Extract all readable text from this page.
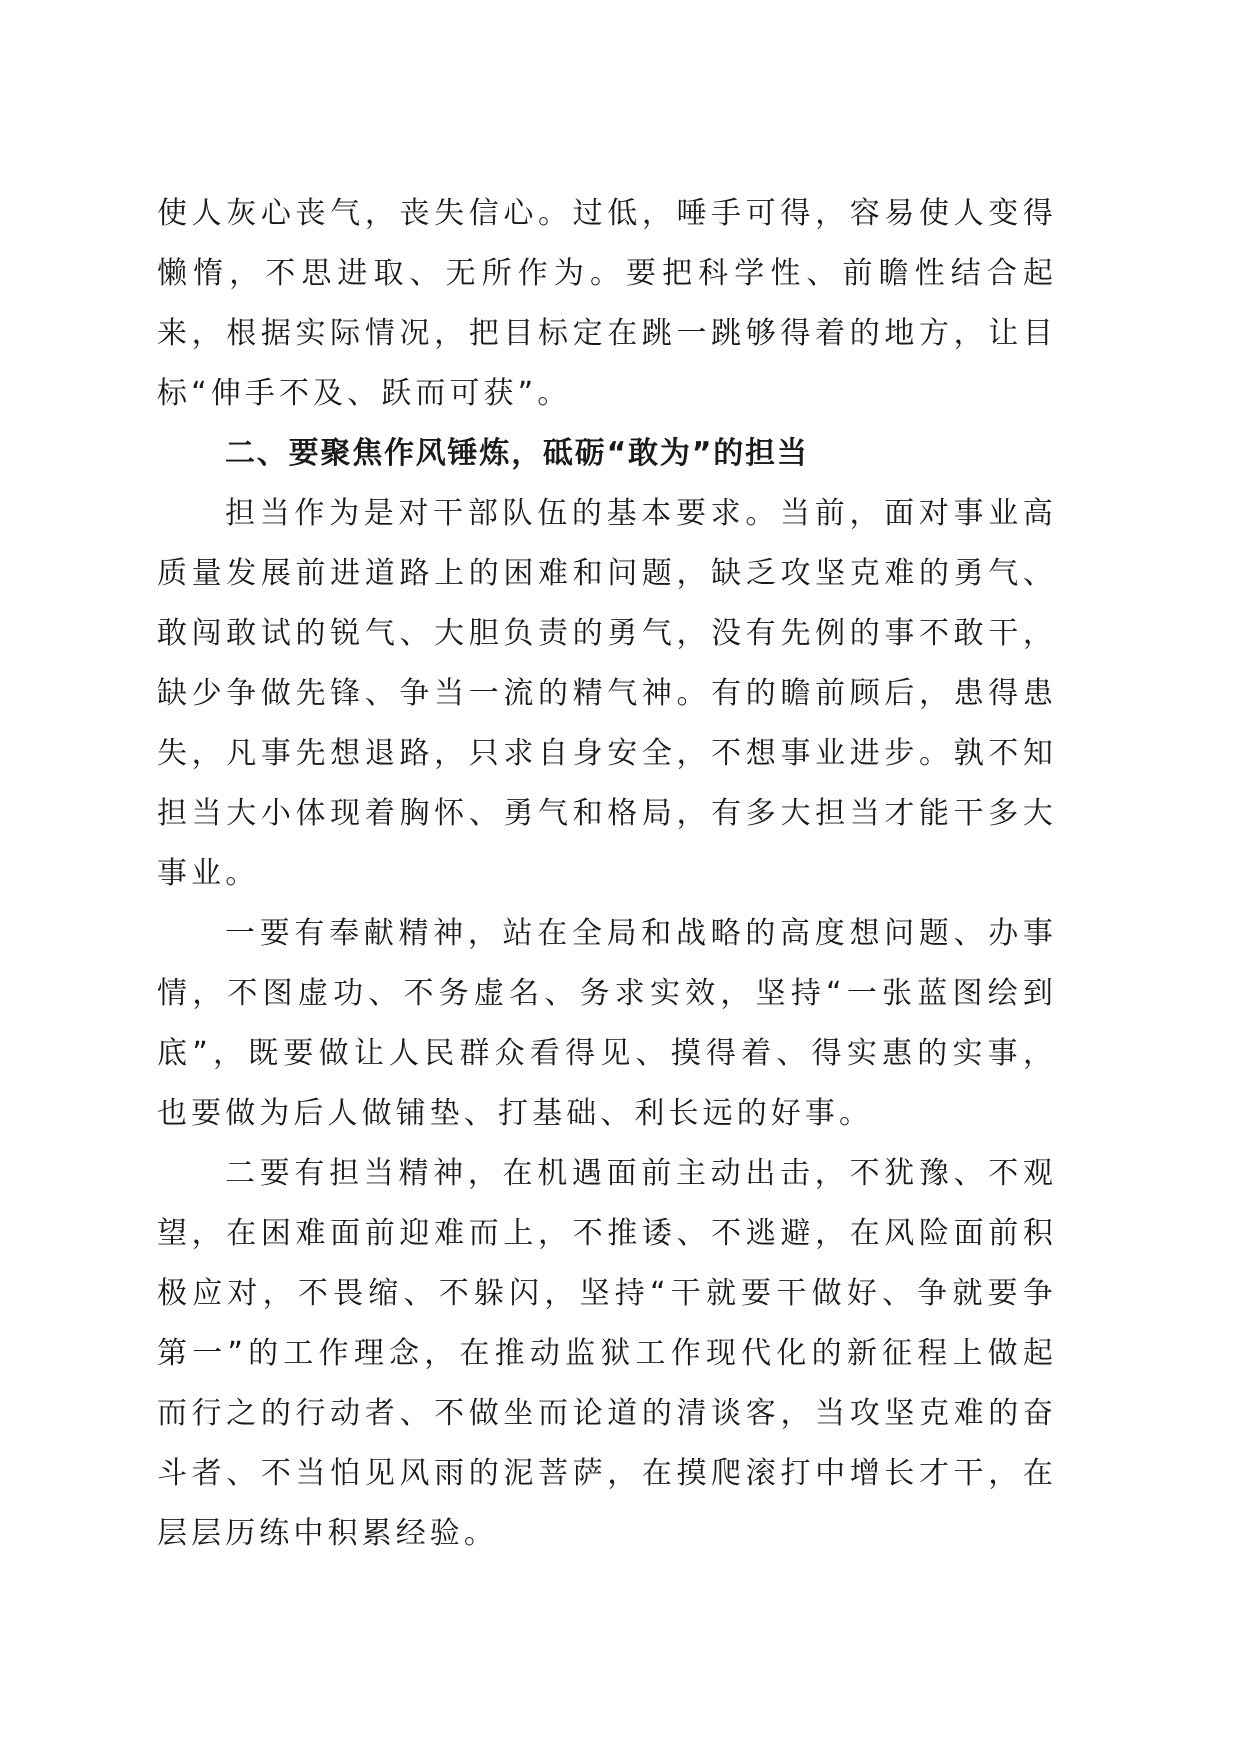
使人灰心丧气，丧失信心。过低，唾手可得，容易使人变得懒惰，不思进取、无所作为。要把科学性、前瞻性结合起来，根据实际情况，把目标定在跳一跳够得着的地方，让目标“伸手不及、跃而可获”。

二、要聚焦作风锤炼，砥砺“敢为”的担当

担当作为是对干部队伍的基本要求。当前，面对事业高质量发展前进道路上的困难和问题，缺乏攻坚克难的勇气、敢闯敢试的锐气、大胆负责的勇气，没有先例的事不敢干，缺少争做先锋、争当一流的精气神。有的瞻前顾后，患得患失，凡事先想退路，只求自身安全，不想事业进步。孰不知担当大小体现着胸怀、勇气和格局，有多大担当才能干多大事业。

一要有奉献精神，站在全局和战略的高度想问题、办事情，不图虚功、不务虚名、务求实效，坚持“一张蓝图绘到底”，既要做让人民群众看得见、摸得着、得实惠的实事，也要做为后人做铺垫、打基础、利长远的好事。

二要有担当精神，在机遇面前主动出击，不犹豫、不观望，在困难面前迎难而上，不推诿、不逃避，在风险面前积极应对，不畏缩、不躲闪，坚持“干就要干做好、争就要争第一”的工作理念，在推动监狱工作现代化的新征程上做起而行之的行动者、不做坐而论道的清谈客，当攻坚克难的奋斗者、不当怕见风雨的泥菩萨，在摸爬滚打中增长才干，在层层历练中积累经验。
